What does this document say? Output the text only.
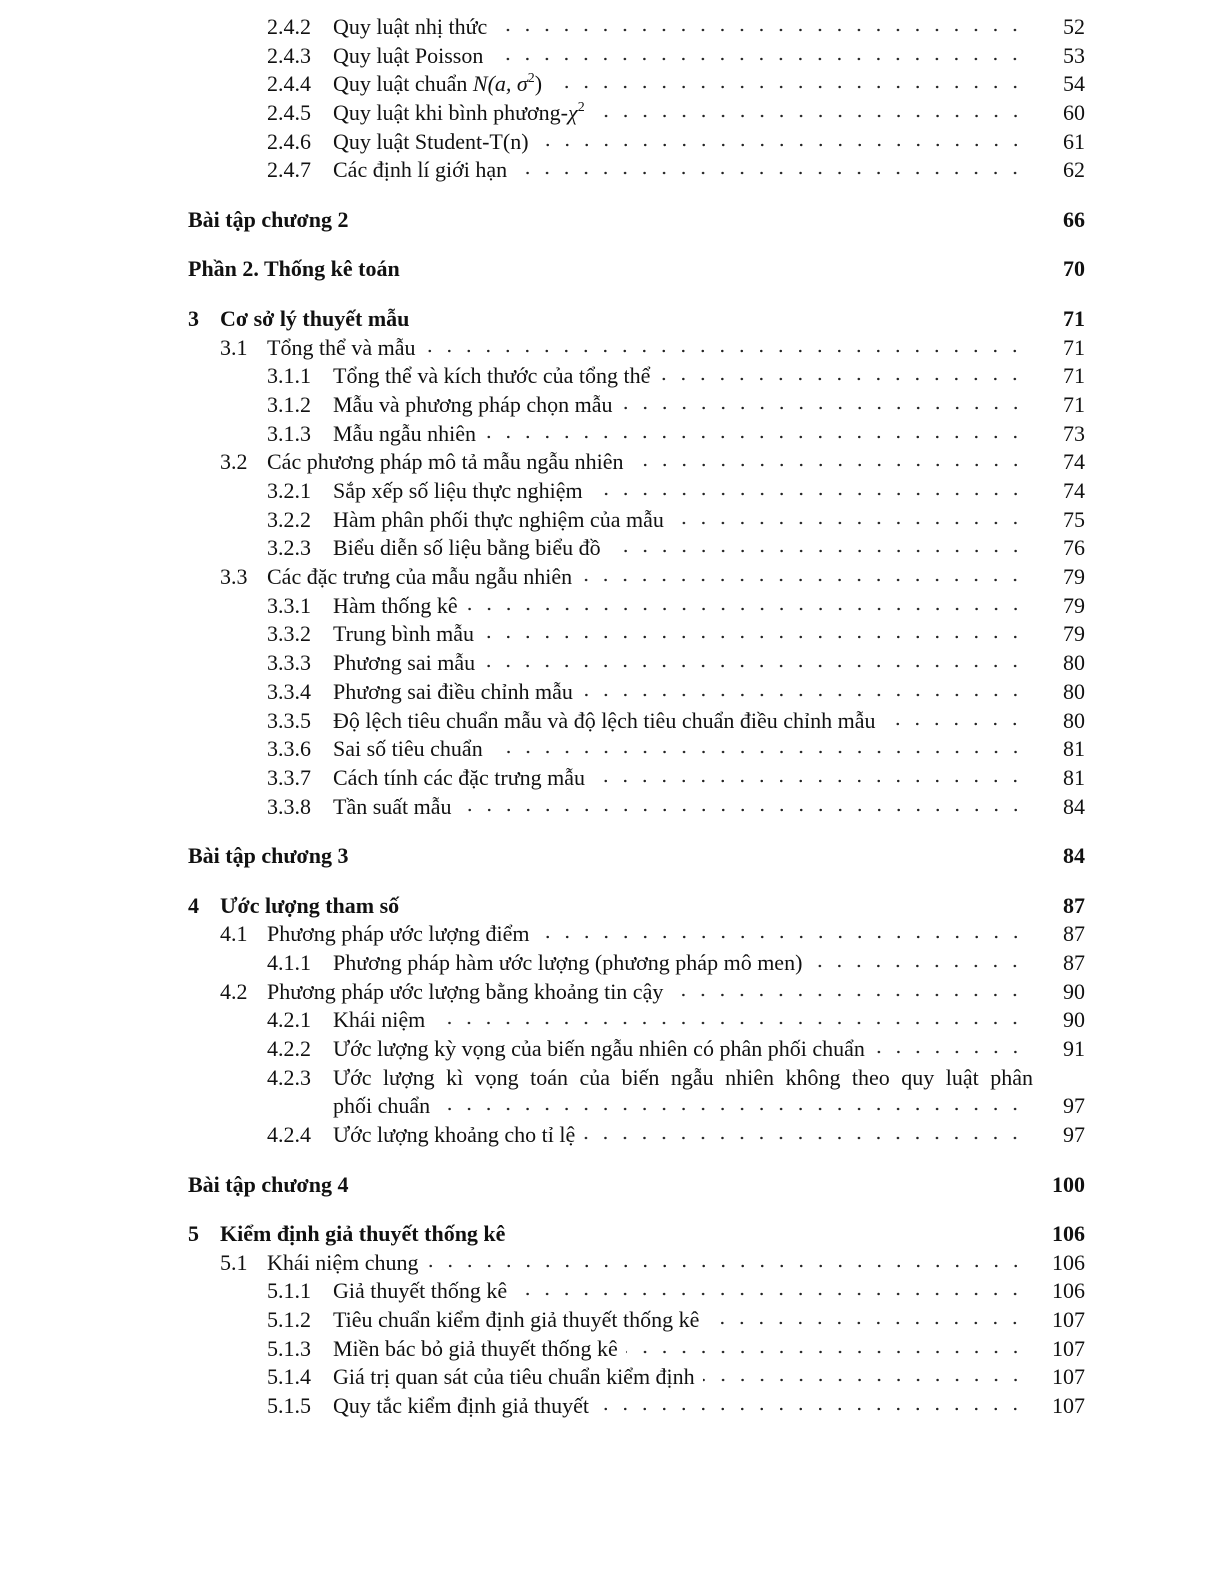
2.4.2	Quy luật nhị thức	52
2.4.3	Quy luật Poisson	53
2.4.4	Quy luật chuẩn N(a, $\sigma^2$)	54
2.4.5	Quy luật khi bình phương-$\chi^2$	60
2.4.6	Quy luật Student-T(n)	61
2.4.7	Các định lí giới hạn	62
Bài tập chương 2	66
Phần 2. Thống kê toán	70
3 Cơ sở lý thuyết mẫu	71
3.1 Tổng thể và mẫu	71
3.1.1	Tổng thể và kích thước của tổng thể	71
3.1.2	Mẫu và phương pháp chọn mẫu	71
3.1.3	Mẫu ngẫu nhiên	73
3.2 Các phương pháp mô tả mẫu ngẫu nhiên	74
3.2.1	Sắp xếp số liệu thực nghiệm	74
3.2.2	Hàm phân phối thực nghiệm của mẫu	75
3.2.3	Biểu diễn số liệu bằng biểu đồ	76
3.3 Các đặc trưng của mẫu ngẫu nhiên	79
3.3.1	Hàm thống kê	79
3.3.2	Trung bình mẫu	79
3.3.3	Phương sai mẫu	80
3.3.4	Phương sai điều chỉnh mẫu	80
3.3.5	Độ lệch tiêu chuẩn mẫu và độ lệch tiêu chuẩn điều chỉnh mẫu	80
3.3.6	Sai số tiêu chuẩn	81
3.3.7	Cách tính các đặc trưng mẫu	81
3.3.8	Tần suất mẫu	84
Bài tập chương 3	84
4 Ước lượng tham số	87
4.1 Phương pháp ước lượng điểm	87
4.1.1	Phương pháp hàm ước lượng (phương pháp mô men)	87
4.2 Phương pháp ước lượng bằng khoảng tin cậy	90
4.2.1	Khái niệm	90
4.2.2	Ước lượng kỳ vọng của biến ngẫu nhiên có phân phối chuẩn	91
4.2.3	Ước lượng kì vọng toán của biến ngẫu nhiên không theo quy luật phân
phối chuẩn	97
4.2.4	Ước lượng khoảng cho tỉ lệ	97
Bài tập chương 4	100
5 Kiểm định giả thuyết thống kê	106
5.1 Khái niệm chung	106
5.1.1	Giả thuyết thống kê	106
5.1.2	Tiêu chuẩn kiểm định giả thuyết thống kê	107
5.1.3	Miền bác bỏ giả thuyết thống kê	107
5.1.4	Giá trị quan sát của tiêu chuẩn kiểm định	107
5.1.5	Quy tắc kiểm định giả thuyết	107
